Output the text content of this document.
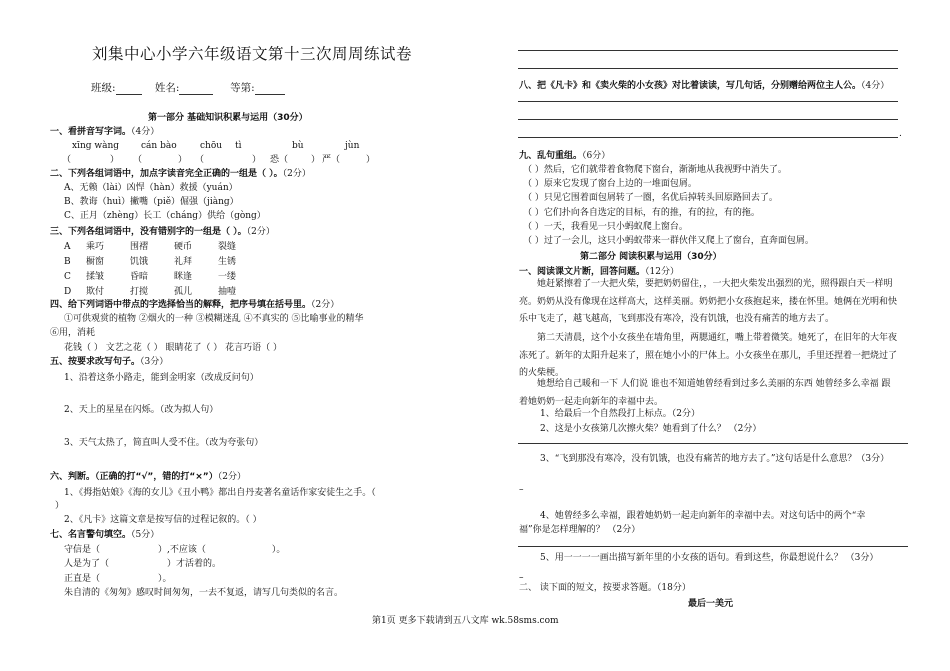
刘集中心小学六年级语文第十三次周周练试卷
班级:	姓名:	等第:
第一部分 基础知识积累与运用（30分）
一、看拼音写字词。（4分）
xīng wàng cán bào	chōu tì	bù	jùn
（	） （	） （	） 恐（	） 严（	）
二、下列各组词语中，加点字读音完全正确的一组是（ ）。（2分）
A、无赖（lài）凶悍（hàn）救援（yuán）
B、教诲（huì）撇嘴（piě）倔强（jiàng）
C、正月（zhèng）长工（cháng）供给（gòng）
三、下列各组词语中，没有错别字的一组是（ ）。（2分）
A 乘巧	围褶	硬币	裂缝
B 橱窗	饥饿	礼拜	生锈
C 揉皱	昏暗	眯逢	一缕
D 欺付	打搅	孤儿	抽噎
四、给下列词语中带点的字选择恰当的解释，把序号填在括号里。（2分）
①可供观赏的植物 ②烟火的一种 ③模糊迷乱 ④不真实的 ⑤比喻事业的精华
⑥用，消耗
花钱（ ） 文艺之花（ ） 眼睛花了（ ） 花言巧语（ ）
五、按要求改写句子。（3分）
1、沿着这条小路走，能到金明家（改成反问句）
2、天上的星星在闪烁。（改为拟人句）
3、天气太热了，简直叫人受不住。（改为夸张句）
六、判断。（正确的打“√”，错的打“×”）（2分）
1、《拇指姑娘》《海的女儿》《丑小鸭》都出自丹麦著名童话作家安徒生之手。（
）
2、《凡卡》这篇文章是按写信的过程记叙的。（ ）
七、名言警句填空。（5分）
守信是（	）,不应该（	）。
人是为了（	）才活着的。
正直是（	）。
朱自清的《匆匆》感叹时间匆匆，一去不复返，请写几句类似的名言。
八、把《凡卡》和《卖火柴的小女孩》对比着读读，写几句话，分别赠给两位主人公。（4分）
.
九、乱句重组。（6分）
（ ）然后，它们就带着食物爬下窗台，渐渐地从我视野中消失了。
（ ）原来它发现了窗台上边的一堆面包屑。
（ ）只见它围着面包屑转了一圈，名优后掉转头回原路回去了。
（ ）它们扑向各自选定的目标，有的推，有的拉，有的拖。
（ ）一天，我看见一只小蚂蚁爬上窗台。
（ ）过了一会儿，这只小蚂蚁带来一群伙伴又爬上了窗台，直奔面包屑。
第二部分 阅读积累与运用（30分）
一、阅读课文片断，回答问题。（12分）
她赶紧擦着了一大把火柴，要把奶奶留住，，一大把火柴发出强烈的光，照得跟白天一样明亮。奶奶从没有像现在这样高大，这样美丽。奶奶把小女孩抱起来，搂在怀里。她俩在光明和快乐中飞走了，越飞越高，飞到那没有寒冷，没有饥饿，也没有痛苦的地方去了。
第二天清晨，这个小女孩坐在墙角里，两腮通红，嘴上带着微笑。她死了，在旧年的大年夜冻死了。新年的太阳升起来了，照在她小小的尸体上。小女孩坐在那儿，手里还捏着一把烧过了的火柴梗。
她想给自己暖和一下 人们说 谁也不知道她曾经看到过多么美丽的东西 她曾经多么幸福 跟着她奶奶一起走向新年的幸福中去。
1、给最后一个自然段打上标点。（2分）
2、这是小女孩第几次擦火柴？她看到了什么？ （2分）
3、“飞到那没有寒冷，没有饥饿，也没有痛苦的地方去了。”这句话是什么意思？（3分）
–
4、她曾经多么幸福，跟着她奶奶一起走向新年的幸福中去。对这句话中的两个“幸
福”你是怎样理解的？ （2分）
5、用一一一一画出描写新年里的小女孩的语句。看到这些，你最想说什么？ （3分）
–
二、 读下面的短文，按要求答题。（18分）
最后一美元
第1页 更多下载请到五八文库 wk.58sms.com
